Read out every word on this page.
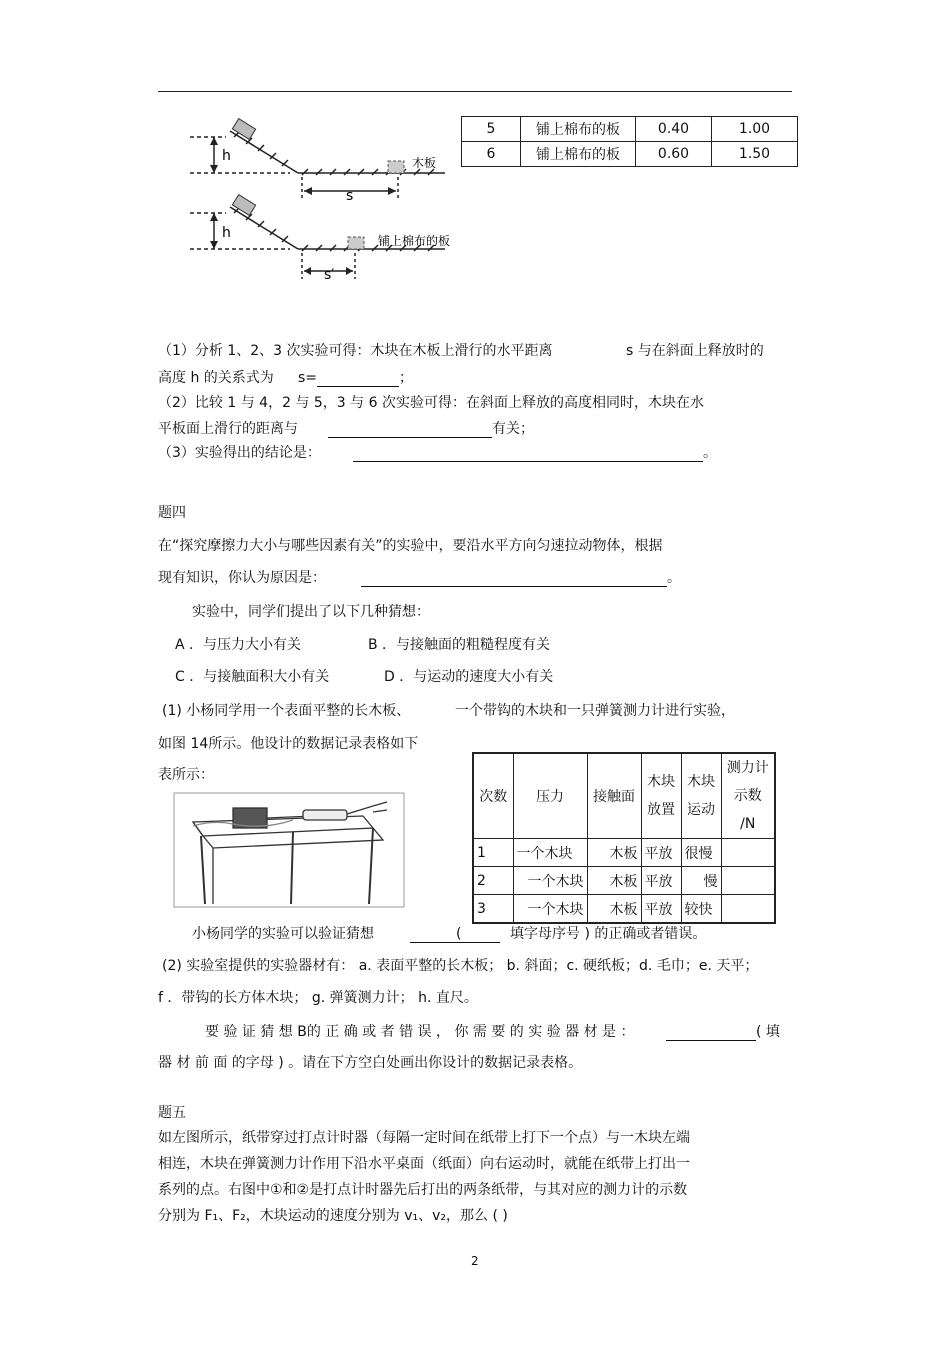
h
s
木板
h
s′
铺上棉布的板
5	铺上棉布的板	0.40	1.00
6	铺上棉布的板	0.60	1.50
（1）分析 1、2、3 次实验可得：木块在木板上滑行的水平距离	s 与在斜面上释放时的
高度 h 的关系式为 s=	；
（2）比较 1 与 4，2 与 5，3 与 6 次实验可得：在斜面上释放的高度相同时，木块在水
平板面上滑行的距离与	有关；
（3）实验得出的结论是：	。
题四
在“探究摩擦力大小与哪些因素有关”的实验中，要沿水平方向匀速拉动物体，根据
现有知识，你认为原因是：	。
实验中，同学们提出了以下几种猜想：
A ．与压力大小有关	B ．与接触面的粗糙程度有关
C ．与接触面积大小有关	D ．与运动的速度大小有关
(1) 小杨同学用一个表面平整的长木板、	一个带钩的木块和一只弹簧测力计进行实验，
如图 14所示。他设计的数据记录表格如下
表所示：
次数	压力	接触面	木块放置	木块运动	测力计示数 /N
1	一个木块	木板	平放	很慢	
2	一个木块	木板	平放	慢	
3	一个木块	木板	平放	较快	
小杨同学的实验可以验证猜想	(	填字母序号 ) 的正确或者错误。
(2) 实验室提供的实验器材有： a. 表面平整的长木板； b. 斜面；c. 硬纸板；d. 毛巾；e. 天平；
f ．带钩的长方体木块； g. 弹簧测力计； h. 直尺。
要 验 证 猜 想 B的 正 确 或 者 错 误 ， 你 需 要 的 实 验 器 材 是 ：	( 填
器 材 前 面 的字母 ) 。请在下方空白处画出你设计的数据记录表格。
题五
如左图所示，纸带穿过打点计时器（每隔一定时间在纸带上打下一个点）与一木块左端
相连，木块在弹簧测力计作用下沿水平桌面（纸面）向右运动时，就能在纸带上打出一
系列的点。右图中①和②是打点计时器先后打出的两条纸带，与其对应的测力计的示数
分别为 F₁、F₂，木块运动的速度分别为 v₁、v₂，那么 ( )
2
